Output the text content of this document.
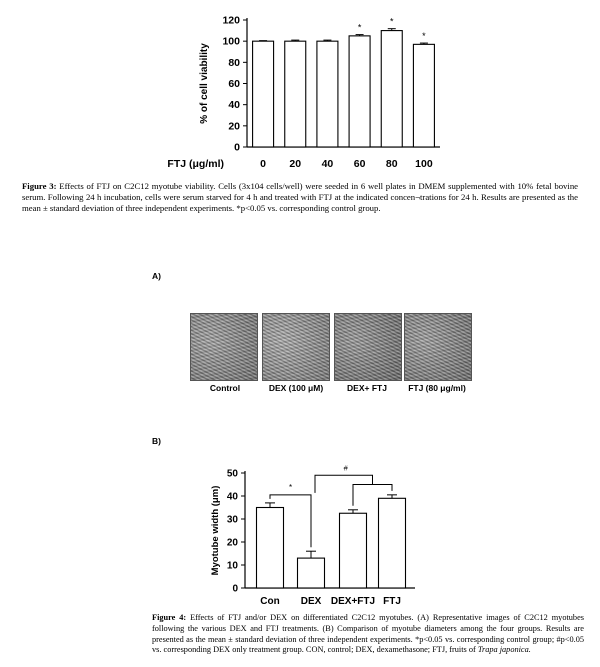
0
20
40
60
80
100
120
% of cell viability
0 20 40
*
60
*
80
*
100
FTJ (μg/ml)
Figure 3: Effects of FTJ on C2C12 myotube viability. Cells (3x104 cells/well) were seeded in 6 well plates in DMEM supplemented with 10% fetal bovine serum. Following 24 h incubation, cells were serum starved for 4 h and treated with FTJ at the indicated concen¬trations for 24 h. Results are presented as the mean ± standard deviation of three independent experiments. *p<0.05 vs. corresponding control group.
A)
Control	DEX (100 μM)	DEX+ FTJ	FTJ (80 μg/ml)
B)
0
10
20
30
40
50
Myotube width (μm)
Con DEX DEX+FTJ FTJ
*
#
Figure 4: Effects of FTJ and/or DEX on differentiated C2C12 myotubes. (A) Representative images of C2C12 myotubes following the various DEX and FTJ treatments. (B) Comparison of myotube diameters among the four groups. Results are presented as the mean ± standard deviation of three independent experiments. *p<0.05 vs. corresponding control group; #p<0.05 vs. corresponding DEX only treatment group. CON, control; DEX, dexamethasone; FTJ, fruits of Trapa japonica.
